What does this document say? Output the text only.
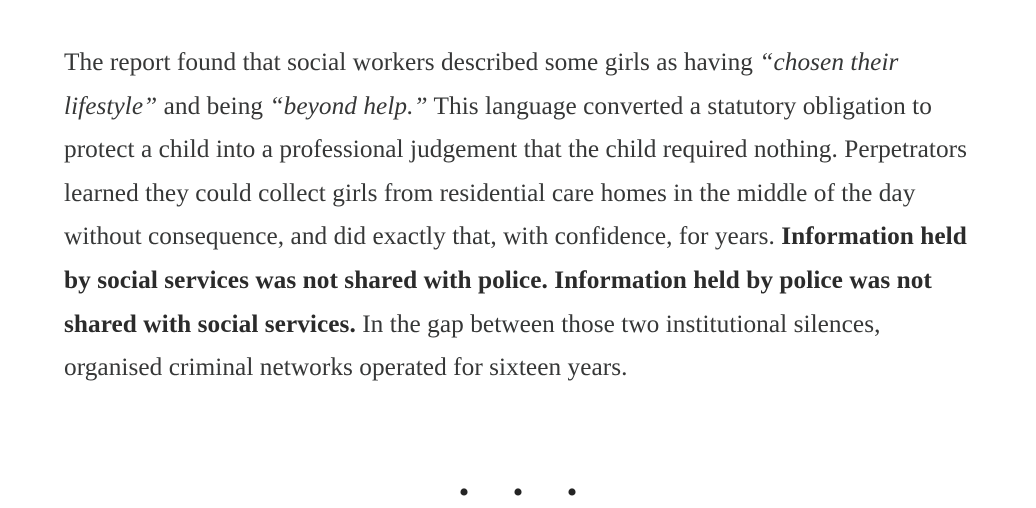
The report found that social workers described some girls as having “chosen their lifestyle” and being “beyond help.” This language converted a statutory obligation to protect a child into a professional judgement that the child required nothing. Perpetrators learned they could collect girls from residential care homes in the middle of the day without consequence, and did exactly that, with confidence, for years. Information held by social services was not shared with police. Information held by police was not shared with social services. In the gap between those two institutional silences, organised criminal networks operated for sixteen years.

• • •
